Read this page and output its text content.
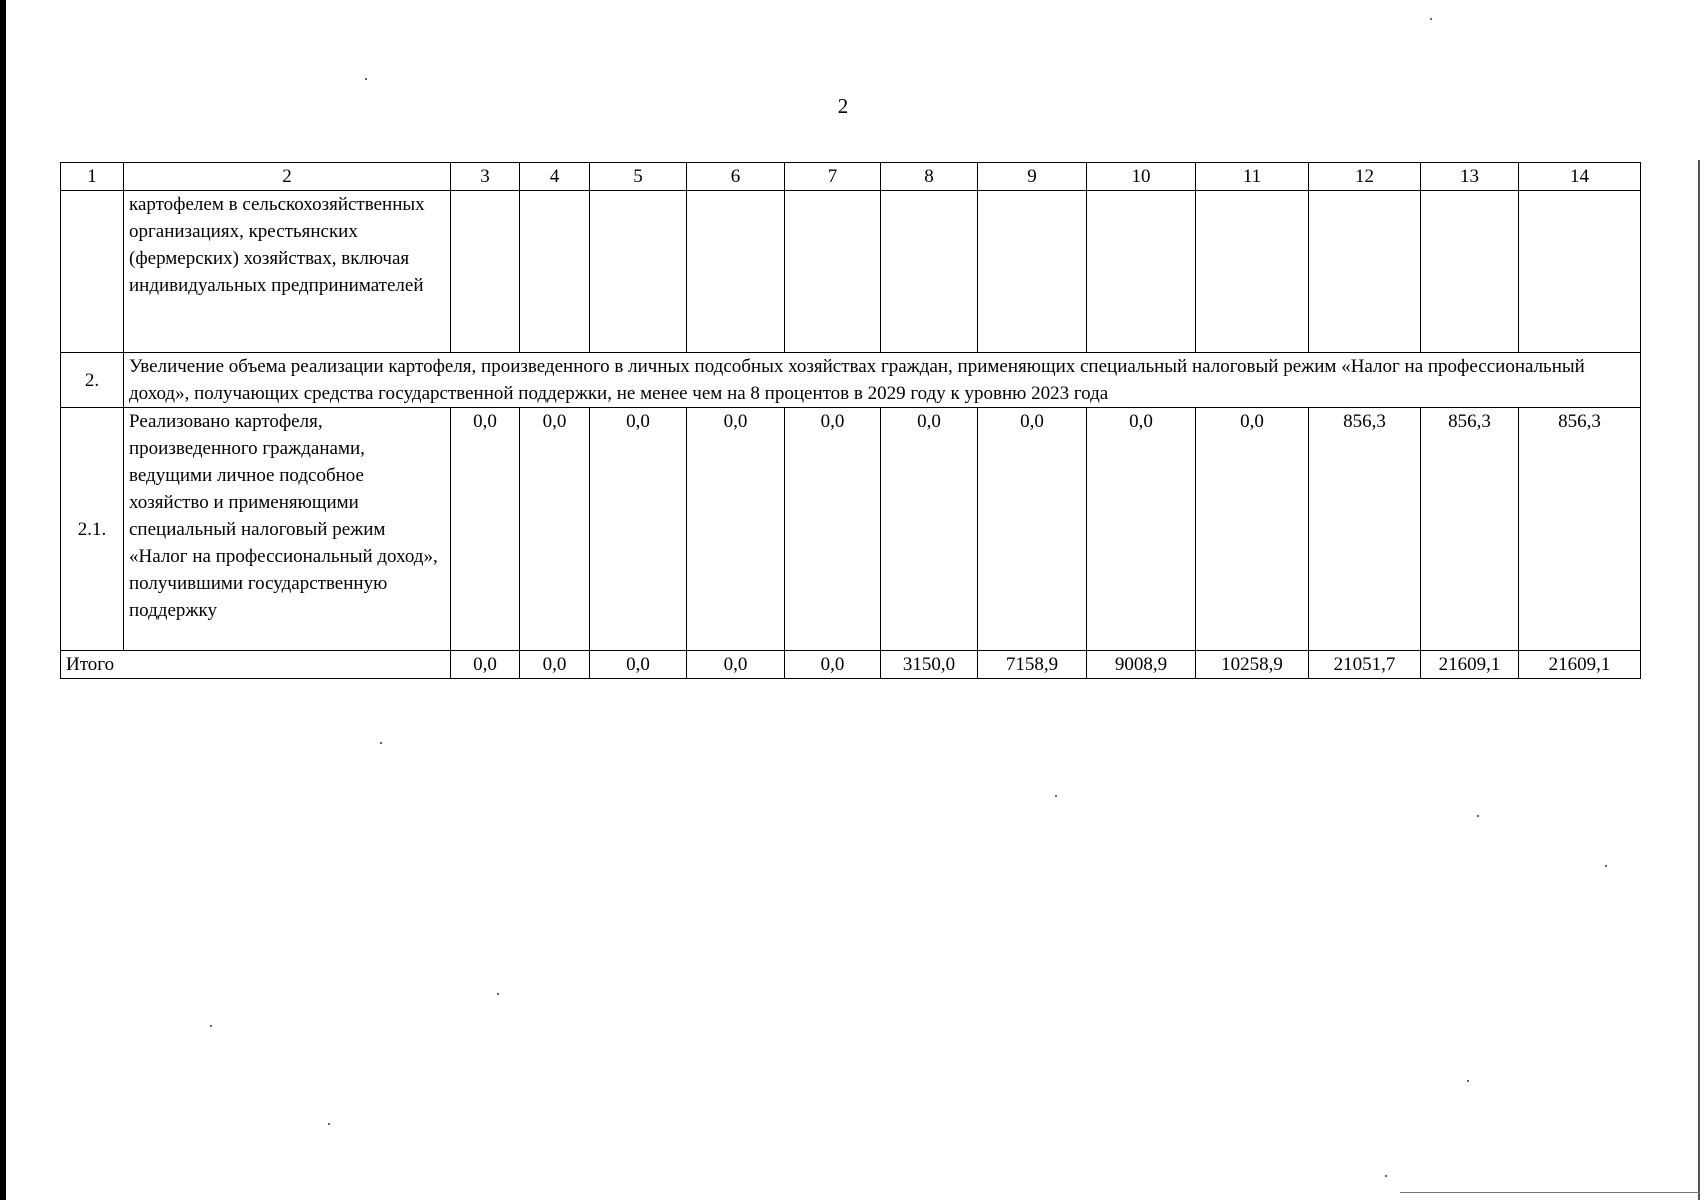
2
1	2	3	4	5	6	7	8	9	10	11	12	13	14
	картофелем в сельскохозяйственных организациях, крестьянских (фермерских) хозяйствах, включая индивидуальных предпринимателей												
2.	Увеличение объема реализации картофеля, произведенного в личных подсобных хозяйствах граждан, применяющих специальный налоговый режим «Налог на профессиональный доход», получающих средства государственной поддержки, не менее чем на 8 процентов в 2029 году к уровню 2023 года												
2.1.	Реализовано картофеля, произведенного гражданами, ведущими личное подсобное хозяйство и применяющими специальный налоговый режим «Налог на профессиональный доход», получившими государственную поддержку	0,0	0,0	0,0	0,0	0,0	0,0	0,0	0,0	0,0	856,3	856,3	856,3
Итого		0,0	0,0	0,0	0,0	0,0	3150,0	7158,9	9008,9	10258,9	21051,7	21609,1	21609,1
